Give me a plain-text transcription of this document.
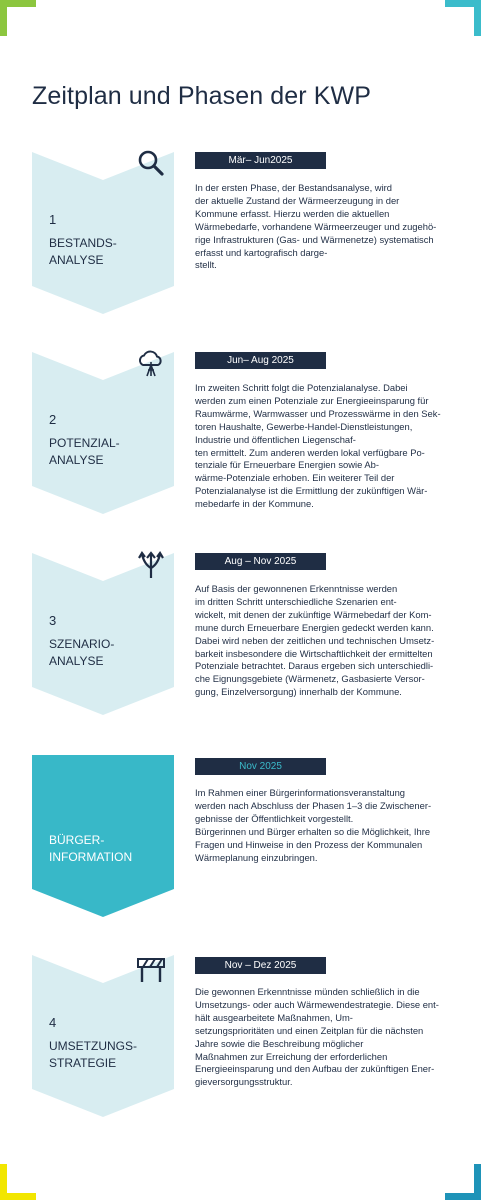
Zeitplan und Phasen der KWP
1
BESTANDS-
ANALYSE
Mär– Jun2025

In der ersten Phase, der Bestandsanalyse, wird
der aktuelle Zustand der Wärmeerzeugung in der
Kommune erfasst. Hierzu werden die aktuellen
Wärmebedarfe, vorhandene Wärmeerzeuger und zugehö-
rige Infrastrukturen (Gas- und Wärmenetze) systematisch
erfasst und kartografisch darge-
stellt.

2
POTENZIAL-
ANALYSE
Jun– Aug 2025

Im zweiten Schritt folgt die Potenzialanalyse. Dabei
werden zum einen Potenziale zur Energieeinsparung für
Raumwärme, Warmwasser und Prozesswärme in den Sek-
toren Haushalte, Gewerbe-Handel-Dienstleistungen,
Industrie und öffentlichen Liegenschaf-
ten ermittelt. Zum anderen werden lokal verfügbare Po-
tenziale für Erneuerbare Energien sowie Ab-
wärme-Potenziale erhoben. Ein weiterer Teil der
Potenzialanalyse ist die Ermittlung der zukünftigen Wär-
mebedarfe in der Kommune.

3
SZENARIO-
ANALYSE
Aug – Nov 2025

Auf Basis der gewonnenen Erkenntnisse werden
im dritten Schritt unterschiedliche Szenarien ent-
wickelt, mit denen der zukünftige Wärmebedarf der Kom-
mune durch Erneuerbare Energien gedeckt werden kann.
Dabei wird neben der zeitlichen und technischen Umsetz-
barkeit insbesondere die Wirtschaftlichkeit der ermittelten
Potenziale betrachtet. Daraus ergeben sich unterschiedli-
che Eignungsgebiete (Wärmenetz, Gasbasierte Versor-
gung, Einzelversorgung) innerhalb der Kommune.

BÜRGER-
INFORMATION
Nov 2025

Im Rahmen einer Bürgerinformationsveranstaltung
werden nach Abschluss der Phasen 1–3 die Zwischener-
gebnisse der Öffentlichkeit vorgestellt.
Bürgerinnen und Bürger erhalten so die Möglichkeit, Ihre
Fragen und Hinweise in den Prozess der Kommunalen
Wärmeplanung einzubringen.

4
UMSETZUNGS-
STRATEGIE
Nov – Dez 2025

Die gewonnen Erkenntnisse münden schließlich in die
Umsetzungs- oder auch Wärmewendestrategie. Diese ent-
hält ausgearbeitete Maßnahmen, Um-
setzungsprioritäten und einen Zeitplan für die nächsten
Jahre sowie die Beschreibung möglicher
Maßnahmen zur Erreichung der erforderlichen
Energieeinsparung und den Aufbau der zukünftigen Ener-
gieversorgungsstruktur.
